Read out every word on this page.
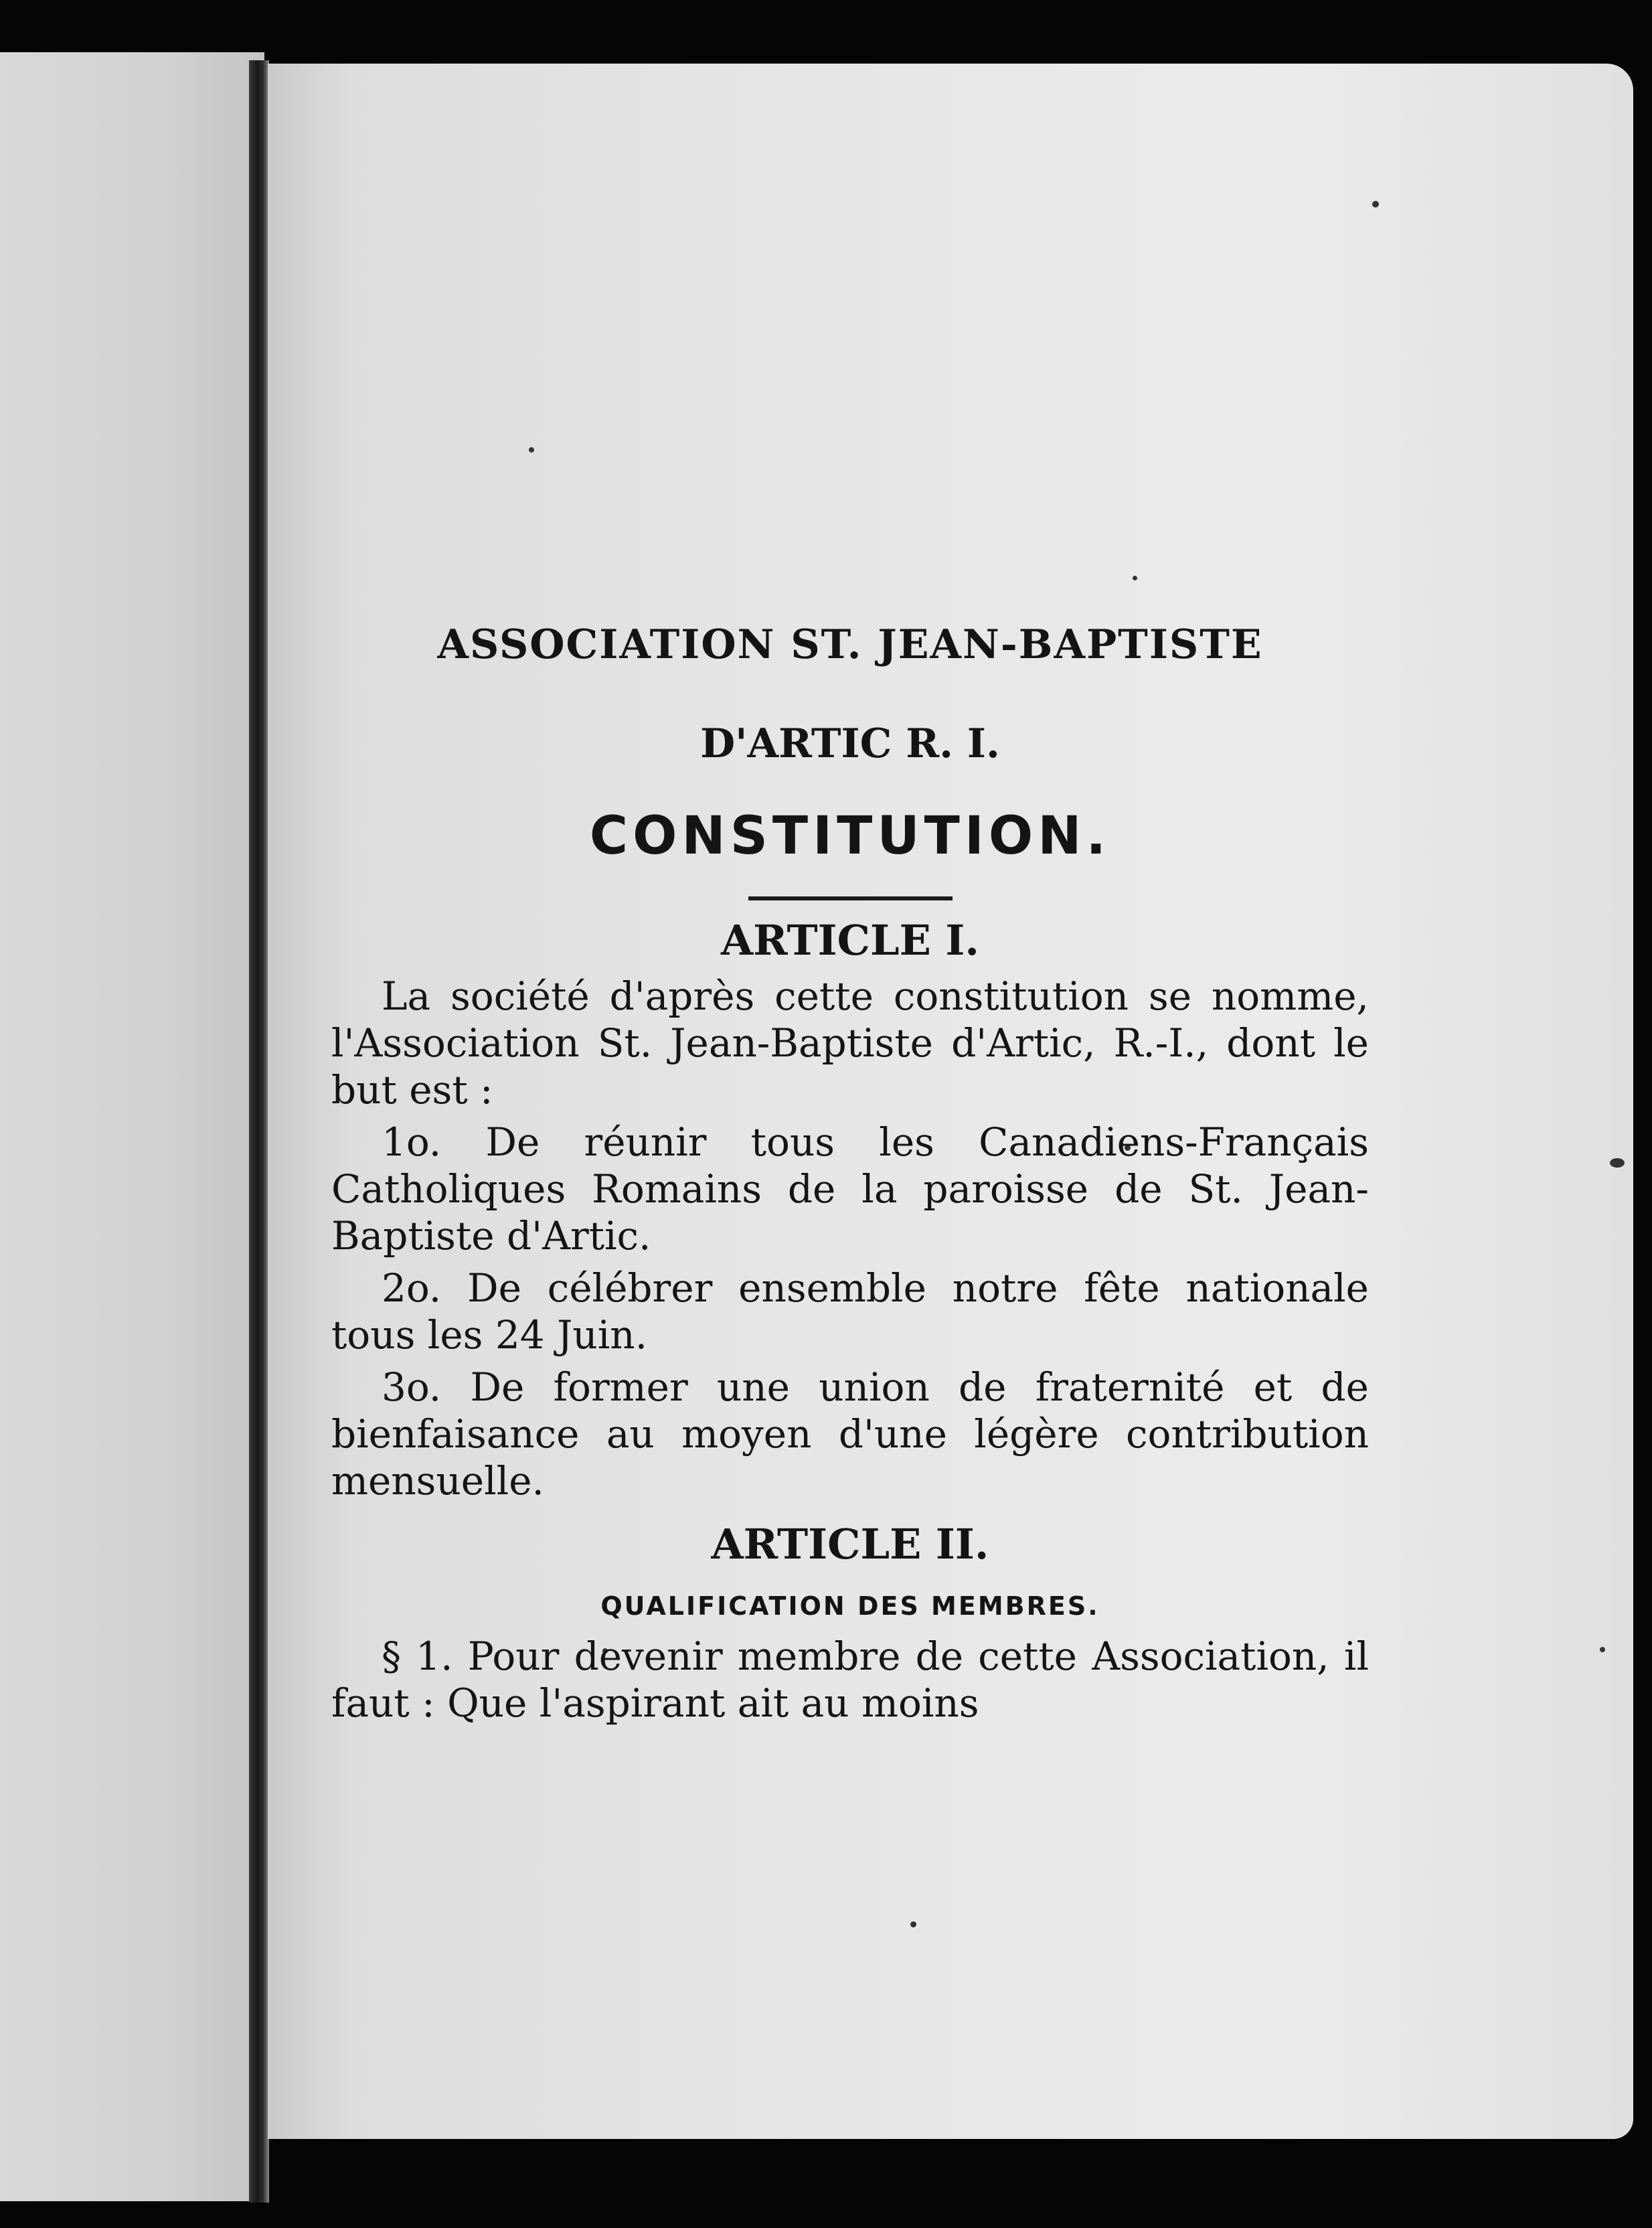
ASSOCIATION ST. JEAN-BAPTISTE
D'ARTIC R. I.
CONSTITUTION.
ARTICLE I.

La société d'après cette constitution se nomme, l'Association St. Jean-Baptiste d'Artic, R.-I., dont le but est :

1o. De réunir tous les Canadiens-Français Catholiques Romains de la paroisse de St. Jean-Baptiste d'Artic.

2o. De célébrer ensemble notre fête nationale tous les 24 Juin.

3o. De former une union de fraternité et de bienfaisance au moyen d'une légère contribution mensuelle.

ARTICLE II.
QUALIFICATION DES MEMBRES.

§ 1. Pour devenir membre de cette Association, il faut : Que l'aspirant ait au moins
